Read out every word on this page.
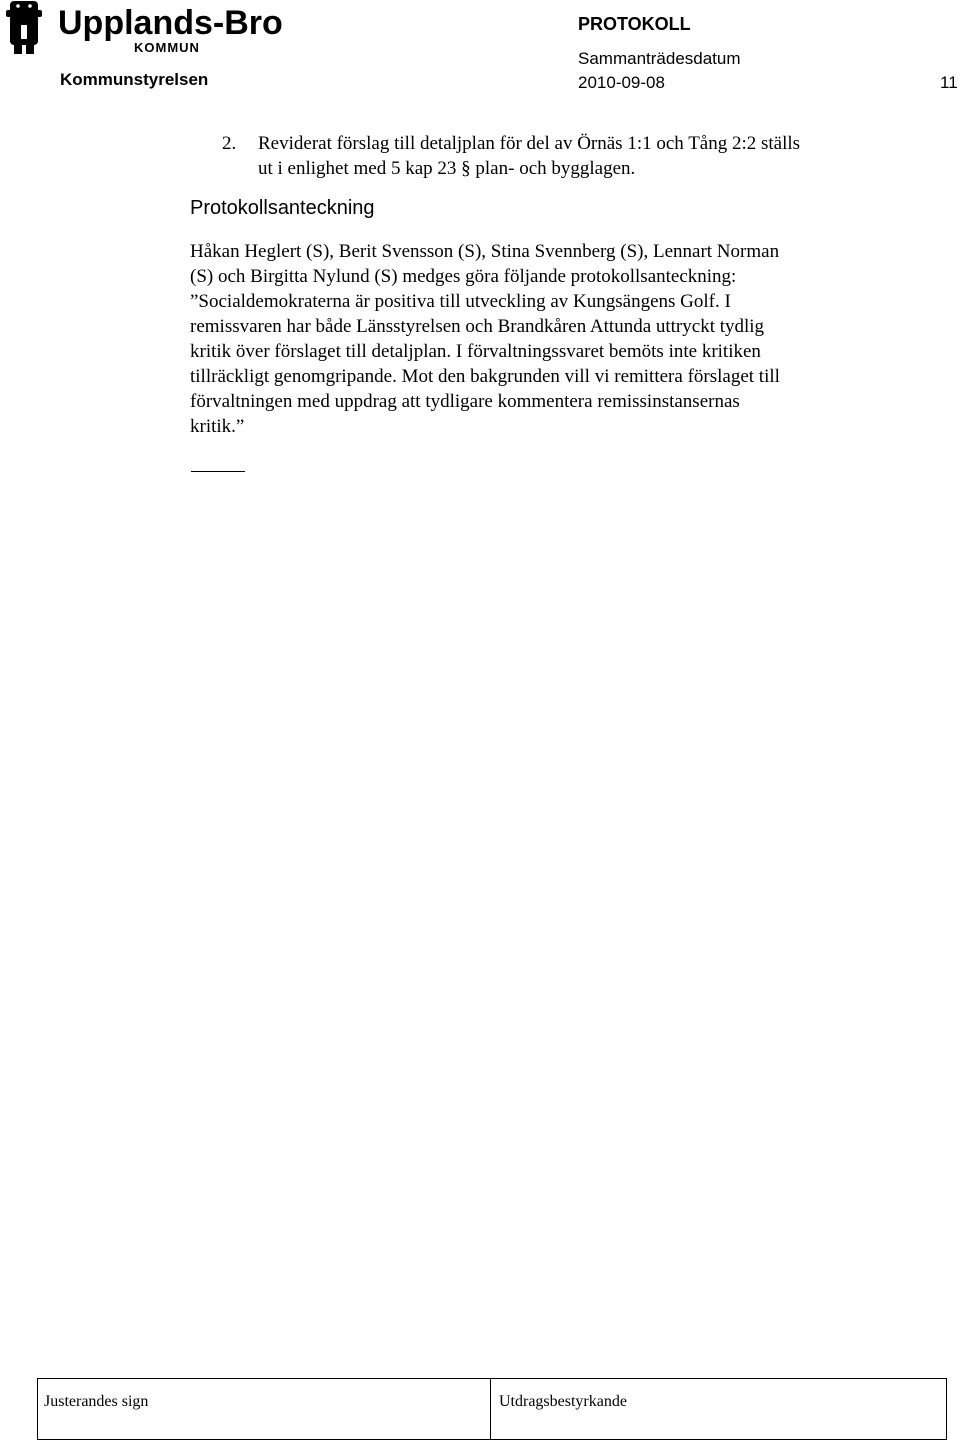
Upplands-Bro
KOMMUN
Kommunstyrelsen
PROTOKOLL
Sammanträdesdatum
2010-09-08	11
2. Reviderat förslag till detaljplan för del av Örnäs 1:1 och Tång 2:2 ställs
ut i enlighet med 5 kap 23 § plan- och bygglagen.
Protokollsanteckning
Håkan Heglert (S), Berit Svensson (S), Stina Svennberg (S), Lennart Norman
(S) och Birgitta Nylund (S) medges göra följande protokollsanteckning:
”Socialdemokraterna är positiva till utveckling av Kungsängens Golf. I
remissvaren har både Länsstyrelsen och Brandkåren Attunda uttryckt tydlig
kritik över förslaget till detaljplan. I förvaltningssvaret bemöts inte kritiken
tillräckligt genomgripande. Mot den bakgrunden vill vi remittera förslaget till
förvaltningen med uppdrag att tydligare kommentera remissinstansernas
kritik.”
Justerandes sign	Utdragsbestyrkande
